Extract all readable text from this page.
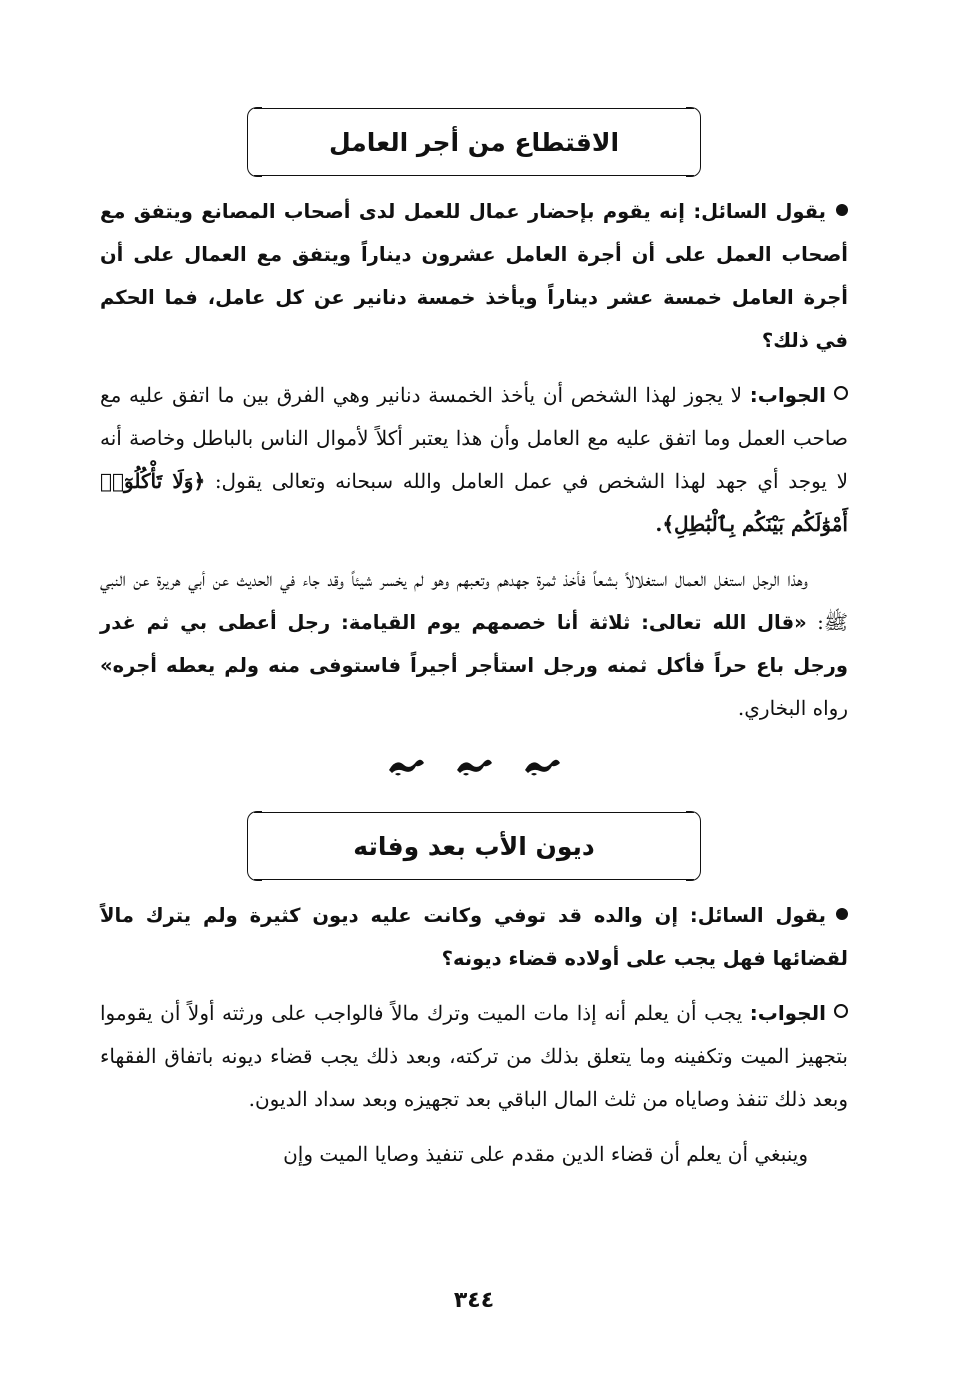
الاقتطاع من أجر العامل

يقول السائل: إنه يقوم بإحضار عمال للعمل لدى أصحاب المصانع ويتفق مع أصحاب العمل على أن أجرة العامل عشرون ديناراً ويتفق مع العمال على أن أجرة العامل خمسة عشر ديناراً ويأخذ خمسة دنانير عن كل عامل، فما الحكم في ذلك؟

الجواب: لا يجوز لهذا الشخص أن يأخذ الخمسة دنانير وهي الفرق بين ما اتفق عليه مع صاحب العمل وما اتفق عليه مع العامل وأن هذا يعتبر أكلاً لأموال الناس بالباطل وخاصة أنه لا يوجد أي جهد لهذا الشخص في عمل العامل والله سبحانه وتعالى يقول: ﴿وَلَا تَأْكُلُوٓا۟ أَمْوَٰلَكُم بَيْنَكُم بِٱلْبَٰطِلِ﴾.

وهذا الرجل استغل العمال استغلالاً بشعاً فأخذ ثمرة جهدهم وتعبهم وهو لم يخسر شيئاً وقد جاء في الحديث عن أبي هريرة عن النبي ﷺ: «قال الله تعالى: ثلاثة أنا خصمهم يوم القيامة: رجل أعطى بي ثم غدر ورجل باع حراً فأكل ثمنه ورجل استأجر أجيراً فاستوفى منه ولم يعطه أجره» رواه البخاري.

ديون الأب بعد وفاته

يقول السائل: إن والده قد توفي وكانت عليه ديون كثيرة ولم يترك مالاً لقضائها فهل يجب على أولاده قضاء ديونه؟

الجواب: يجب أن يعلم أنه إذا مات الميت وترك مالاً فالواجب على ورثته أولاً أن يقوموا بتجهيز الميت وتكفينه وما يتعلق بذلك من تركته، وبعد ذلك يجب قضاء ديونه باتفاق الفقهاء وبعد ذلك تنفذ وصاياه من ثلث المال الباقي بعد تجهيزه وبعد سداد الديون.

وينبغي أن يعلم أن قضاء الدين مقدم على تنفيذ وصايا الميت وإن

٣٤٤
